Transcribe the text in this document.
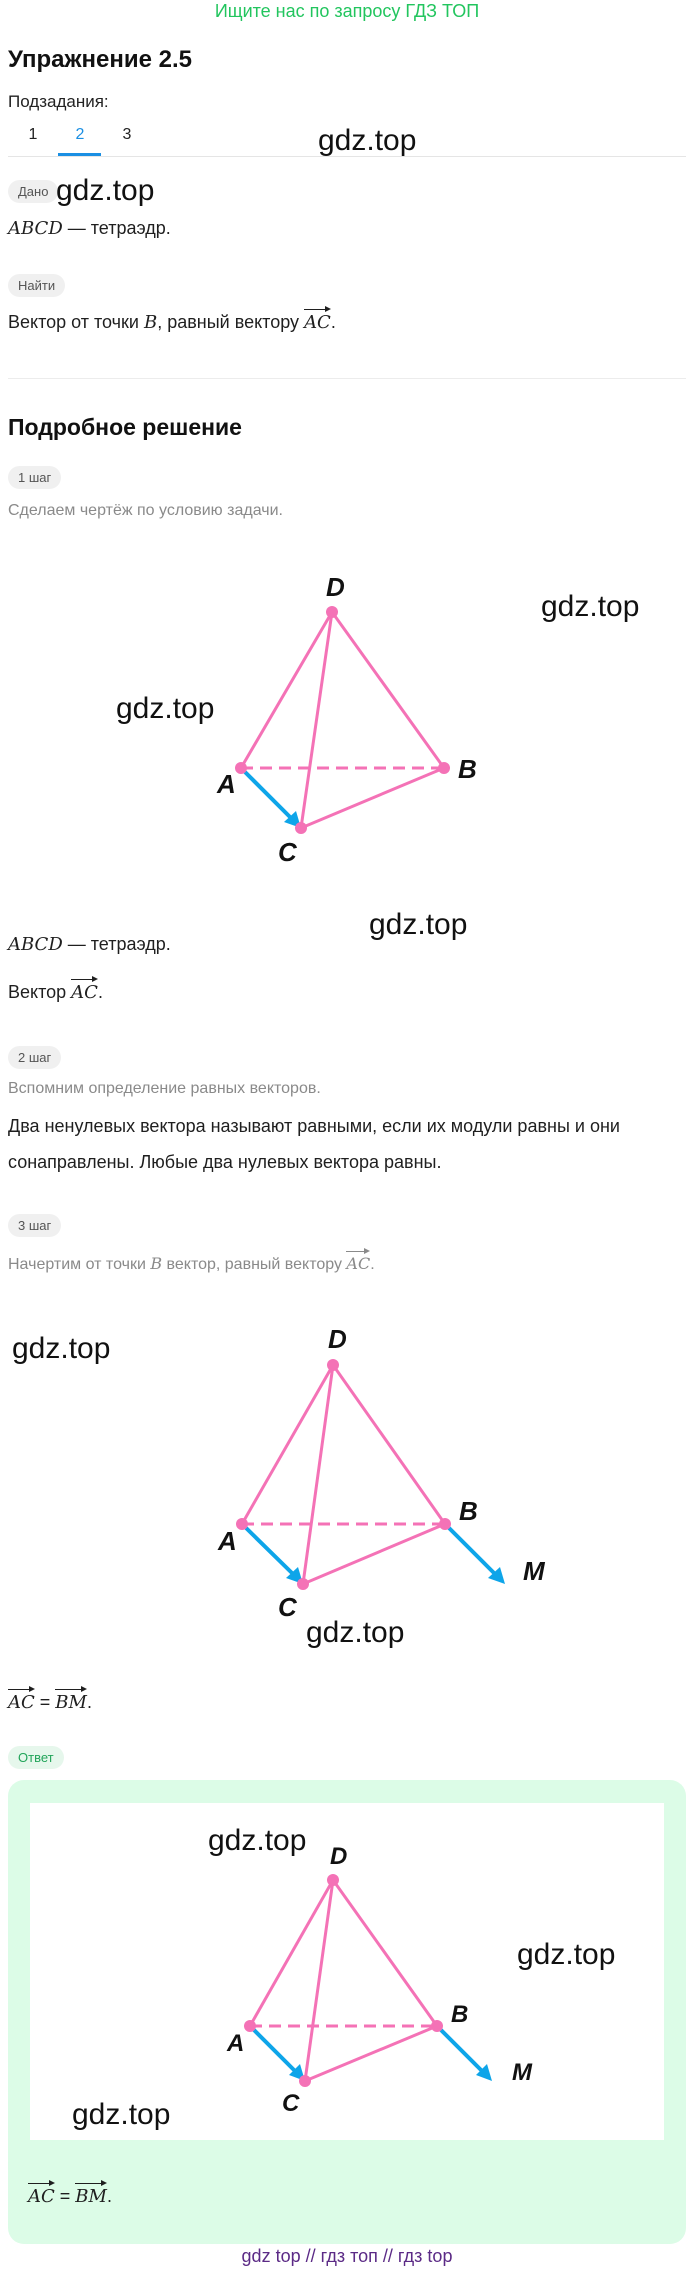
Ищите нас по запросу ГДЗ ТОП
Упражнение 2.5
Подзадания:
1	2	3	gdz.top
Дано gdz.top
ABCD — тетраэдр.
Найти
Вектор от точки B, равный вектору AC.
Подробное решение
1 шаг
Сделаем чертёж по условию задачи.
D
A	B
C
gdz.top
gdz.top
gdz.top
ABCD — тетраэдр.
Вектор AC.
2 шаг
Вспомним определение равных векторов.
Два ненулевых вектора называют равными, если их модули равны и они
сонаправлены. Любые два нулевых вектора равны.
3 шаг
Начертим от точки B вектор, равный вектору AC.
gdz.top	D
A
B
C
M
gdz.top
AC = BM.
Ответ
gdz.top D
A
B
C
M
gdz.top
gdz.top
AC = BM.
gdz top // гдз топ // гдз top
